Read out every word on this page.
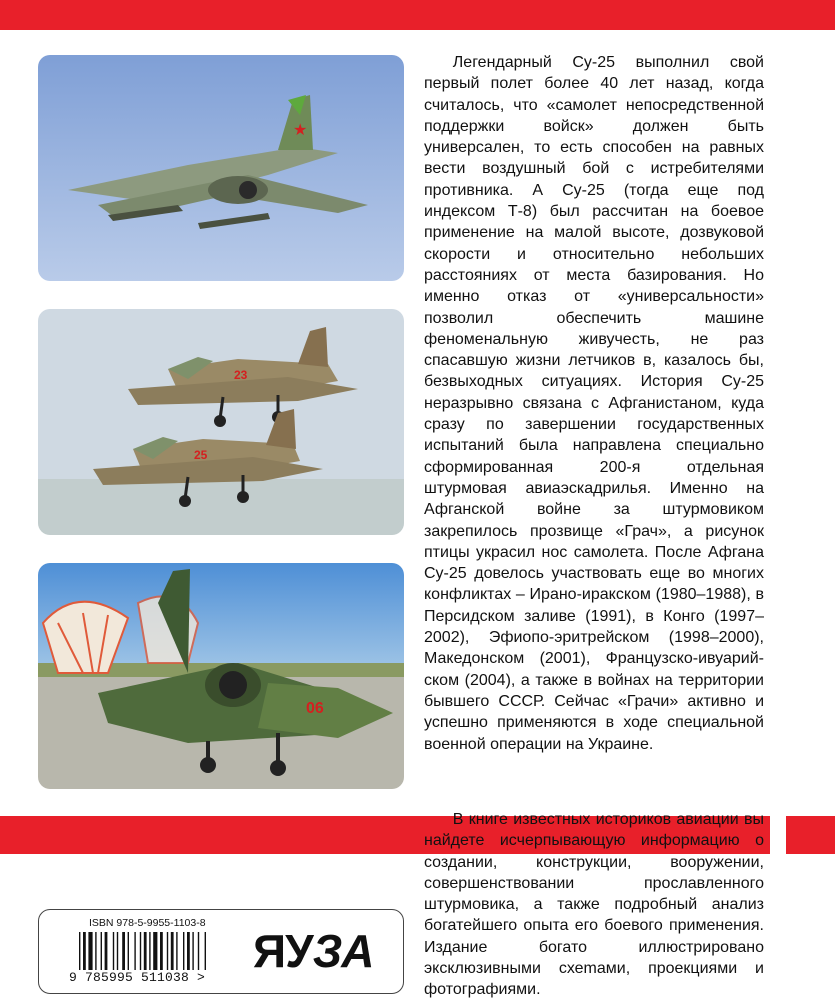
★
23
25
06

Легендарный Су-25 выполнил свой первый полет более 40 лет назад, когда считалось, что «самолет непосредственной поддержки войск» должен быть универсален, то есть способен на равных вести воздушный бой с истребителями противника. А Су-25 (тогда еще под индексом Т-8) был рассчитан на боевое применение на малой высоте, дозвуковой скорости и относительно небольших расстояниях от места базирования. Но именно отказ от «универсальности» позволил обеспечить машине феноменальную живучесть, не раз спасавшую жизни летчиков в, казалось бы, безвыходных ситуациях. История Су-25 неразрывно связана с Афганистаном, куда сразу по завершении государственных испытаний была направлена специально сформированная 200-я отдельная штурмовая авиаэскадрилья. Именно на Афганской войне за штурмовиком закрепилось прозвище «Грач», а рисунок птицы украсил нос самолета. После Афгана Су-25 довелось участвовать еще во многих конфликтах – Ирано-иракском (1980–1988), в Персидском заливе (1991), в Конго (1997–2002), Эфиопо-эритрейском (1998–2000), Македонском (2001), Французско-ивуарийском (2004), а также в войнах на территории бывшего СССР. Сейчас «Грачи» активно и успешно применяются в ходе специальной военной операции на Украине.

В книге известных историков авиации вы найдете исчерпывающую информацию о создании, конструкции, вооружении, совершенствовании прославленного штурмовика, а также подробный анализ богатейшего опыта его боевого применения. Издание богато иллюстрировано эксклюзивными схеmами, проекциями и фотографиями.

ISBN 978-5-9955-1103-8

9 785995 511038 >

ЯУЗА
